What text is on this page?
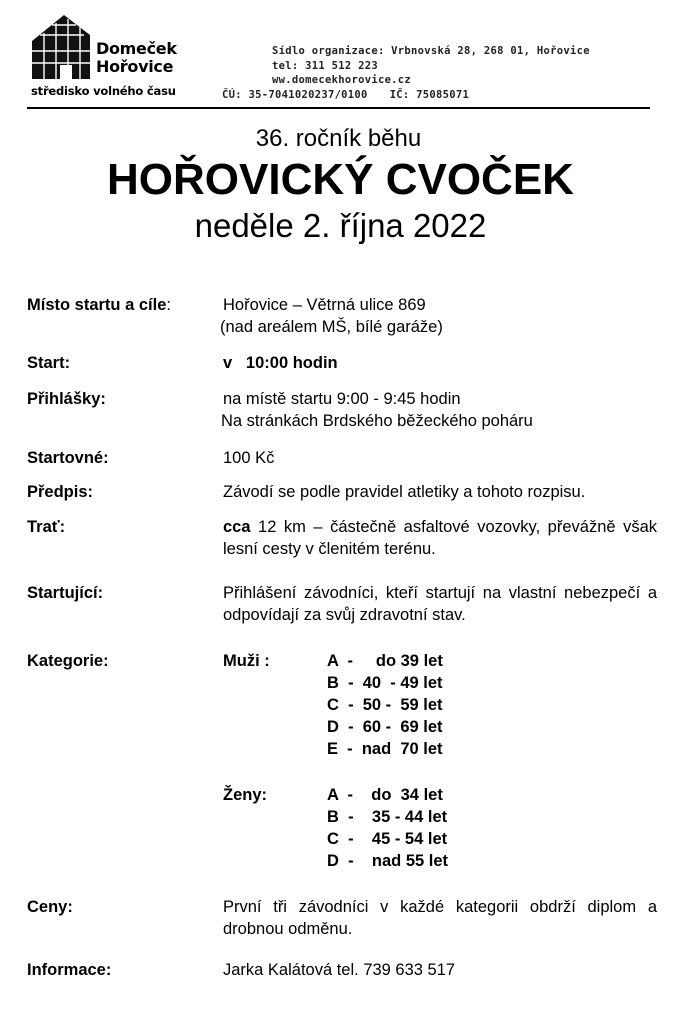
Domeček
Hořovice
středisko volného času
Sídlo organizace: Vrbnovská 28, 268 01, Hořovice
tel: 311 512 223
ww.domecekhorovice.cz
ČÚ: 35-7041020237/0100 IČ: 75085071
36. ročník běhu
HOŘOVICKÝ CVOČEK
neděle 2. října 2022
Místo startu a cíle:	Hořovice – Větrná ulice 869
(nad areálem MŠ, bílé garáže)
Start:	v   10:00 hodin
Přihlášky:	na místě startu 9:00 - 9:45 hodin
Na stránkách Brdského běžeckého poháru
Startovné:	100 Kč
Předpis:	Závodí se podle pravidel atletiky a tohoto rozpisu.
Trať:	cca 12 km – částečně asfaltové vozovky, převážně však lesní cesty v členitém terénu.
Startující:	Přihlášení závodníci, kteří startují na vlastní nebezpečí a odpovídají za svůj zdravotní stav.
Kategorie:	Muži :	A  -     do 39 let
B  -  40  - 49 let
C  -  50 -  59 let
D  -  60 -  69 let
E  -  nad  70 let
Ženy:	A  -    do  34 let
B  -    35 - 44 let
C  -    45 - 54 let
D  -    nad 55 let
Ceny:	První tři závodníci v každé kategorii obdrží diplom a drobnou odměnu.
Informace:	Jarka Kalátová tel. 739 633 517
